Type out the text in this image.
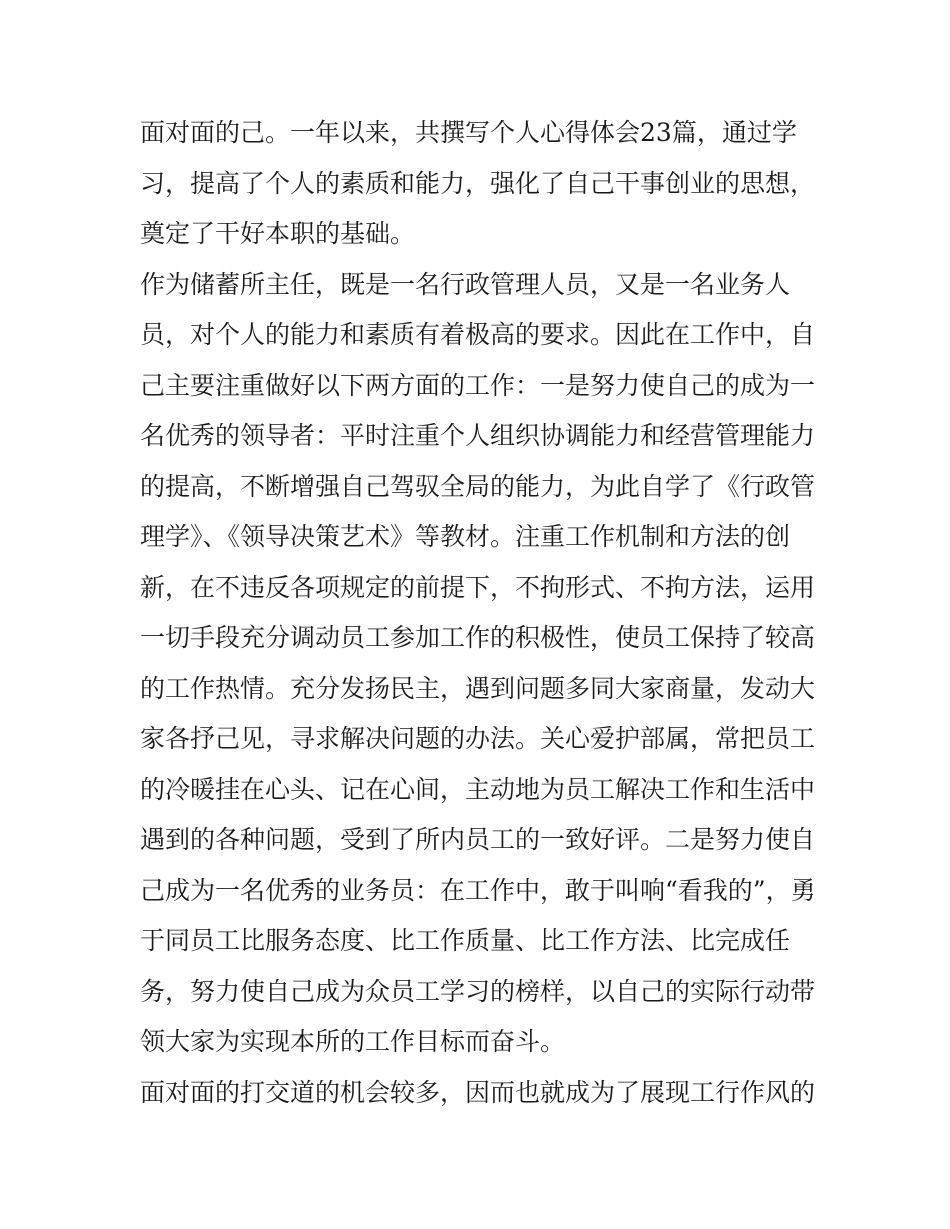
面对面的己。一年以来，共撰写个人心得体会23篇，通过学
习，提高了个人的素质和能力，强化了自己干事创业的思想，
奠定了干好本职的基础。
作为储蓄所主任，既是一名行政管理人员，又是一名业务人
员，对个人的能力和素质有着极高的要求。因此在工作中，自
己主要注重做好以下两方面的工作：一是努力使自己的成为一
名优秀的领导者：平时注重个人组织协调能力和经营管理能力
的提高，不断增强自己驾驭全局的能力，为此自学了《行政管
理学》、《领导决策艺术》等教材。注重工作机制和方法的创
新，在不违反各项规定的前提下，不拘形式、不拘方法，运用
一切手段充分调动员工参加工作的积极性，使员工保持了较高
的工作热情。充分发扬民主，遇到问题多同大家商量，发动大
家各抒己见，寻求解决问题的办法。关心爱护部属，常把员工
的冷暖挂在心头、记在心间，主动地为员工解决工作和生活中
遇到的各种问题，受到了所内员工的一致好评。二是努力使自
己成为一名优秀的业务员：在工作中，敢于叫响“看我的”，勇
于同员工比服务态度、比工作质量、比工作方法、比完成任
务，努力使自己成为众员工学习的榜样，以自己的实际行动带
领大家为实现本所的工作目标而奋斗。
面对面的打交道的机会较多，因而也就成为了展现工行作风的
